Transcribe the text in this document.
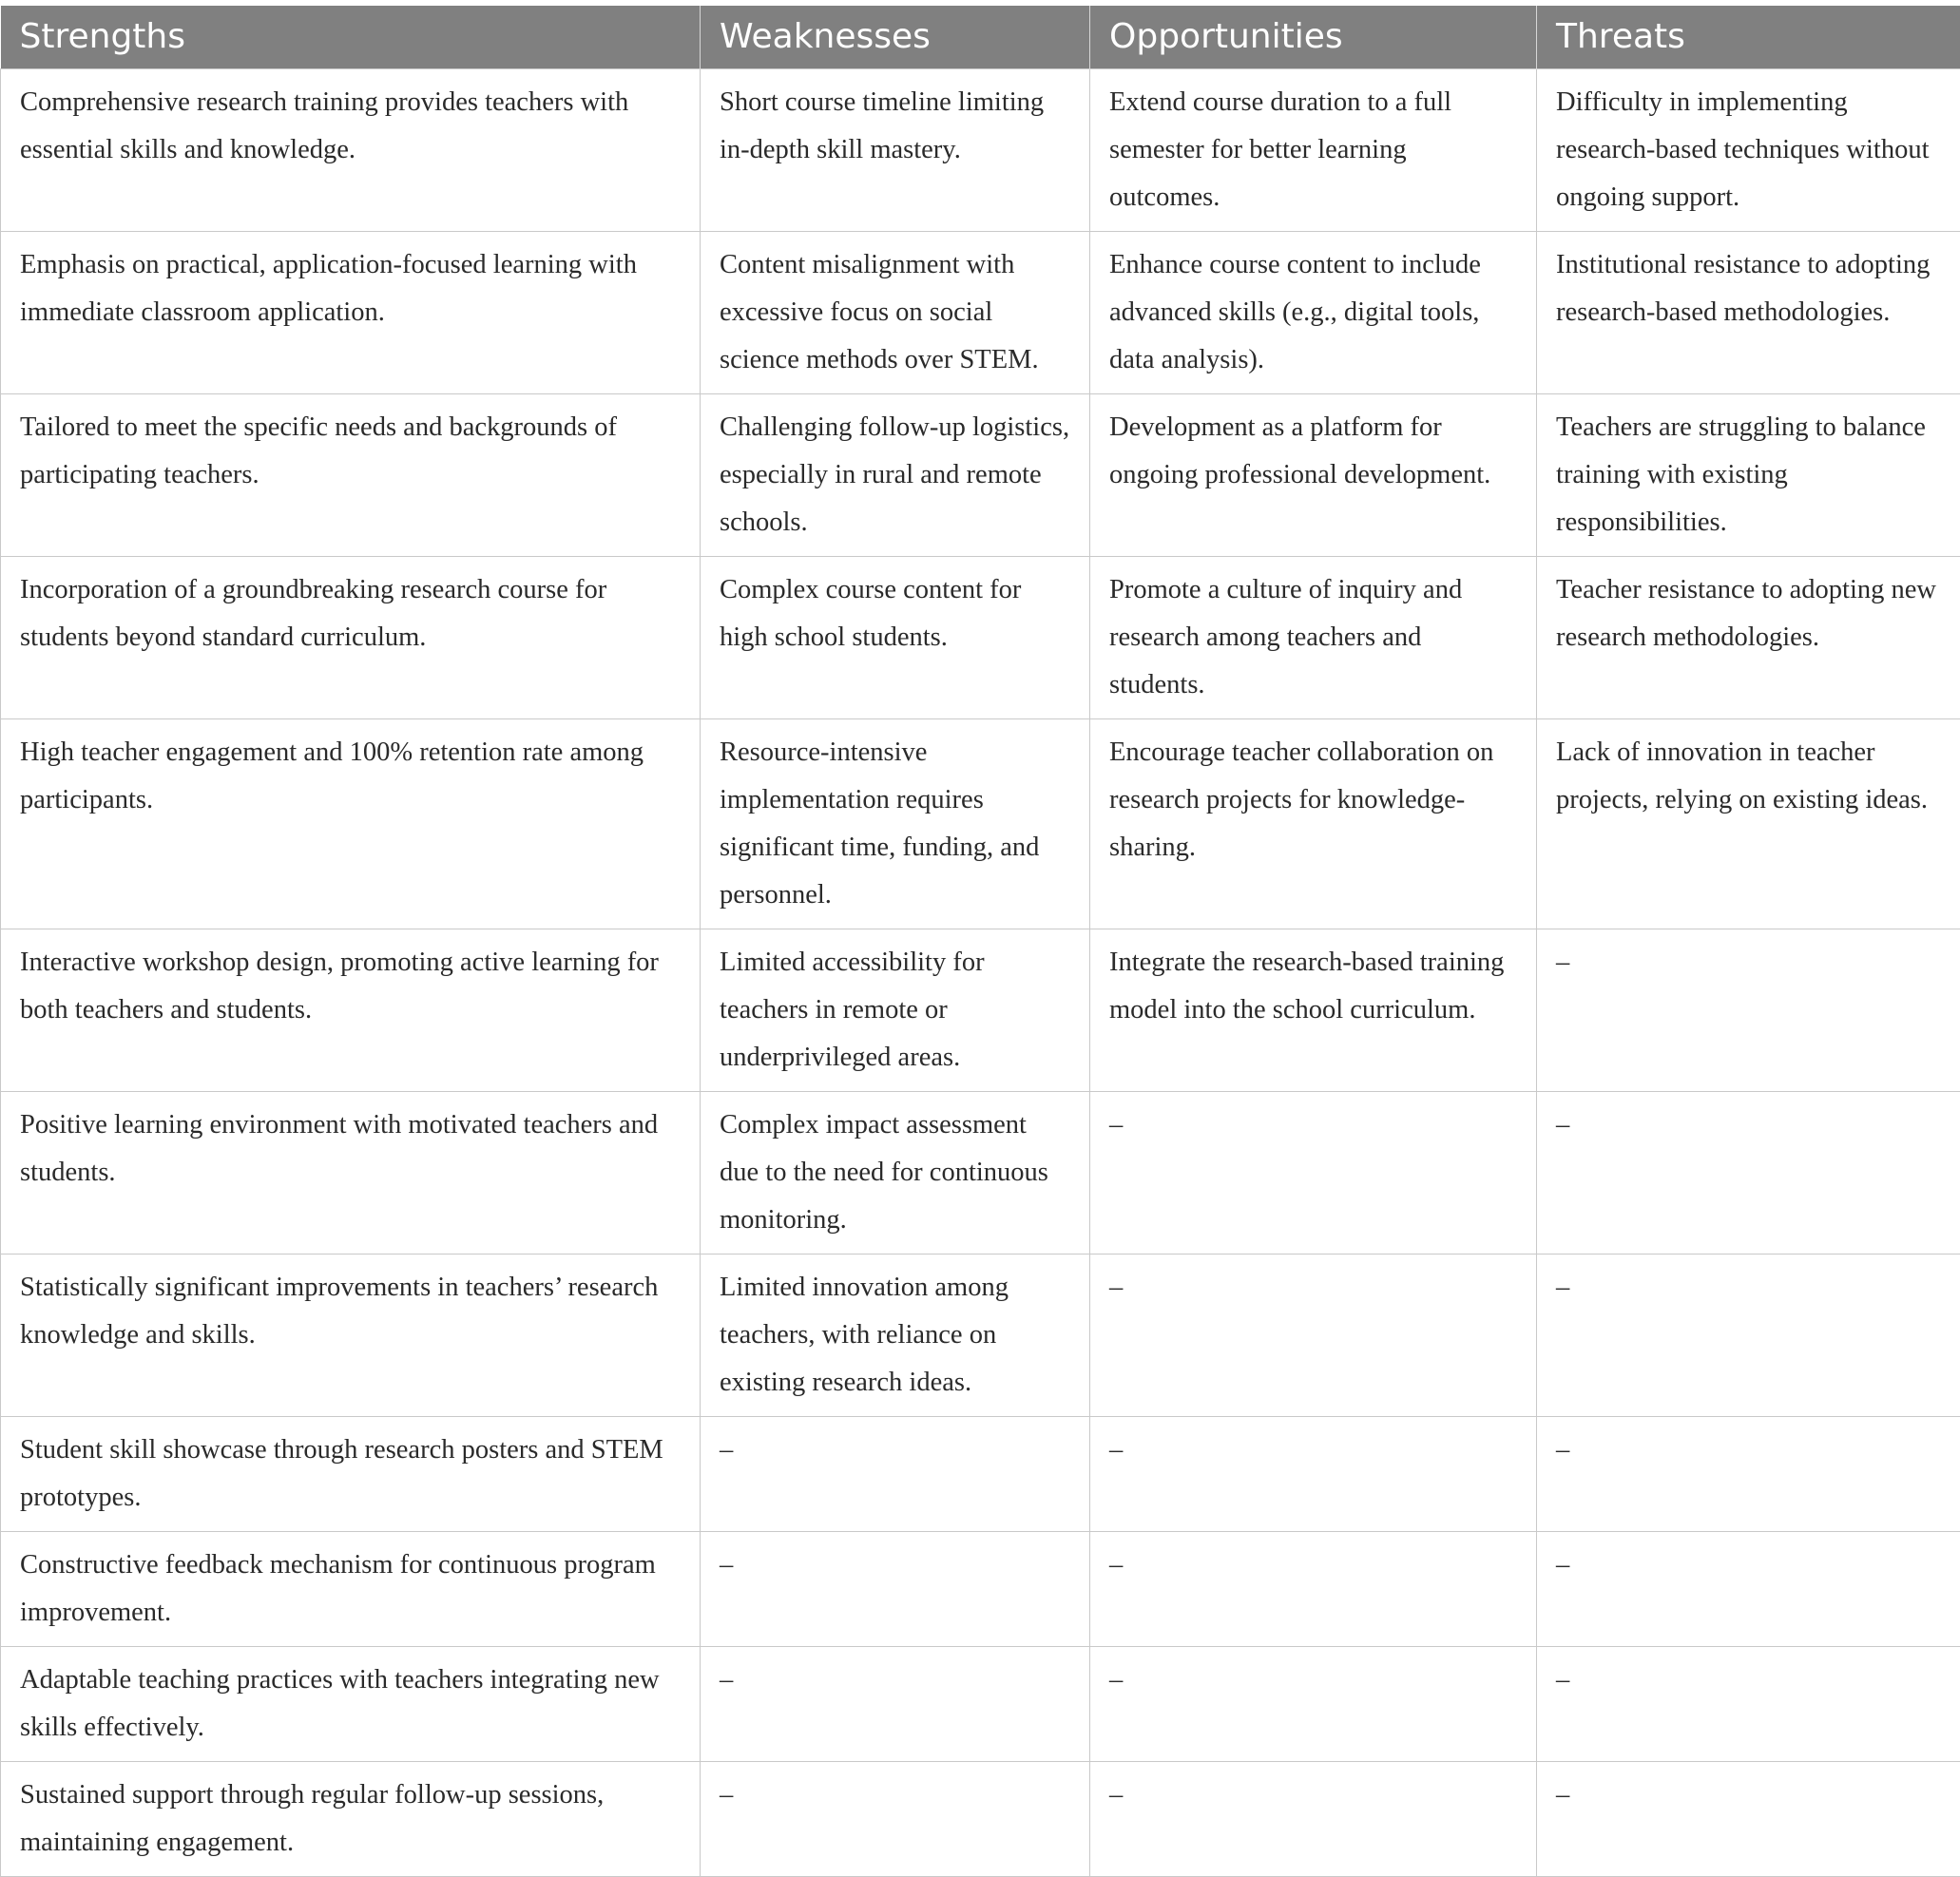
Strengths	Weaknesses	Opportunities	Threats
Comprehensive research training provides teachers with essential skills and knowledge.	Short course timeline limiting in-depth skill mastery.	Extend course duration to a full semester for better learning outcomes.	Difficulty in implementing research-based techniques without ongoing support.
Emphasis on practical, application-focused learning with immediate classroom application.	Content misalignment with excessive focus on social science methods over STEM.	Enhance course content to include advanced skills (e.g., digital tools, data analysis).	Institutional resistance to adopting research-based methodologies.
Tailored to meet the specific needs and backgrounds of participating teachers.	Challenging follow-up logistics, especially in rural and remote schools.	Development as a platform for ongoing professional development.	Teachers are struggling to balance training with existing responsibilities.
Incorporation of a groundbreaking research course for students beyond standard curriculum.	Complex course content for high school students.	Promote a culture of inquiry and research among teachers and students.	Teacher resistance to adopting new research methodologies.
High teacher engagement and 100% retention rate among participants.	Resource-intensive implementation requires significant time, funding, and personnel.	Encourage teacher collaboration on research projects for knowledge-sharing.	Lack of innovation in teacher projects, relying on existing ideas.
Interactive workshop design, promoting active learning for both teachers and students.	Limited accessibility for teachers in remote or underprivileged areas.	Integrate the research-based training model into the school curriculum.	–
Positive learning environment with motivated teachers and students.	Complex impact assessment due to the need for continuous monitoring.	–	–
Statistically significant improvements in teachers’ research knowledge and skills.	Limited innovation among teachers, with reliance on existing research ideas.	–	–
Student skill showcase through research posters and STEM prototypes.	–	–	–
Constructive feedback mechanism for continuous program improvement.	–	–	–
Adaptable teaching practices with teachers integrating new skills effectively.	–	–	–
Sustained support through regular follow-up sessions, maintaining engagement.	–	–	–
